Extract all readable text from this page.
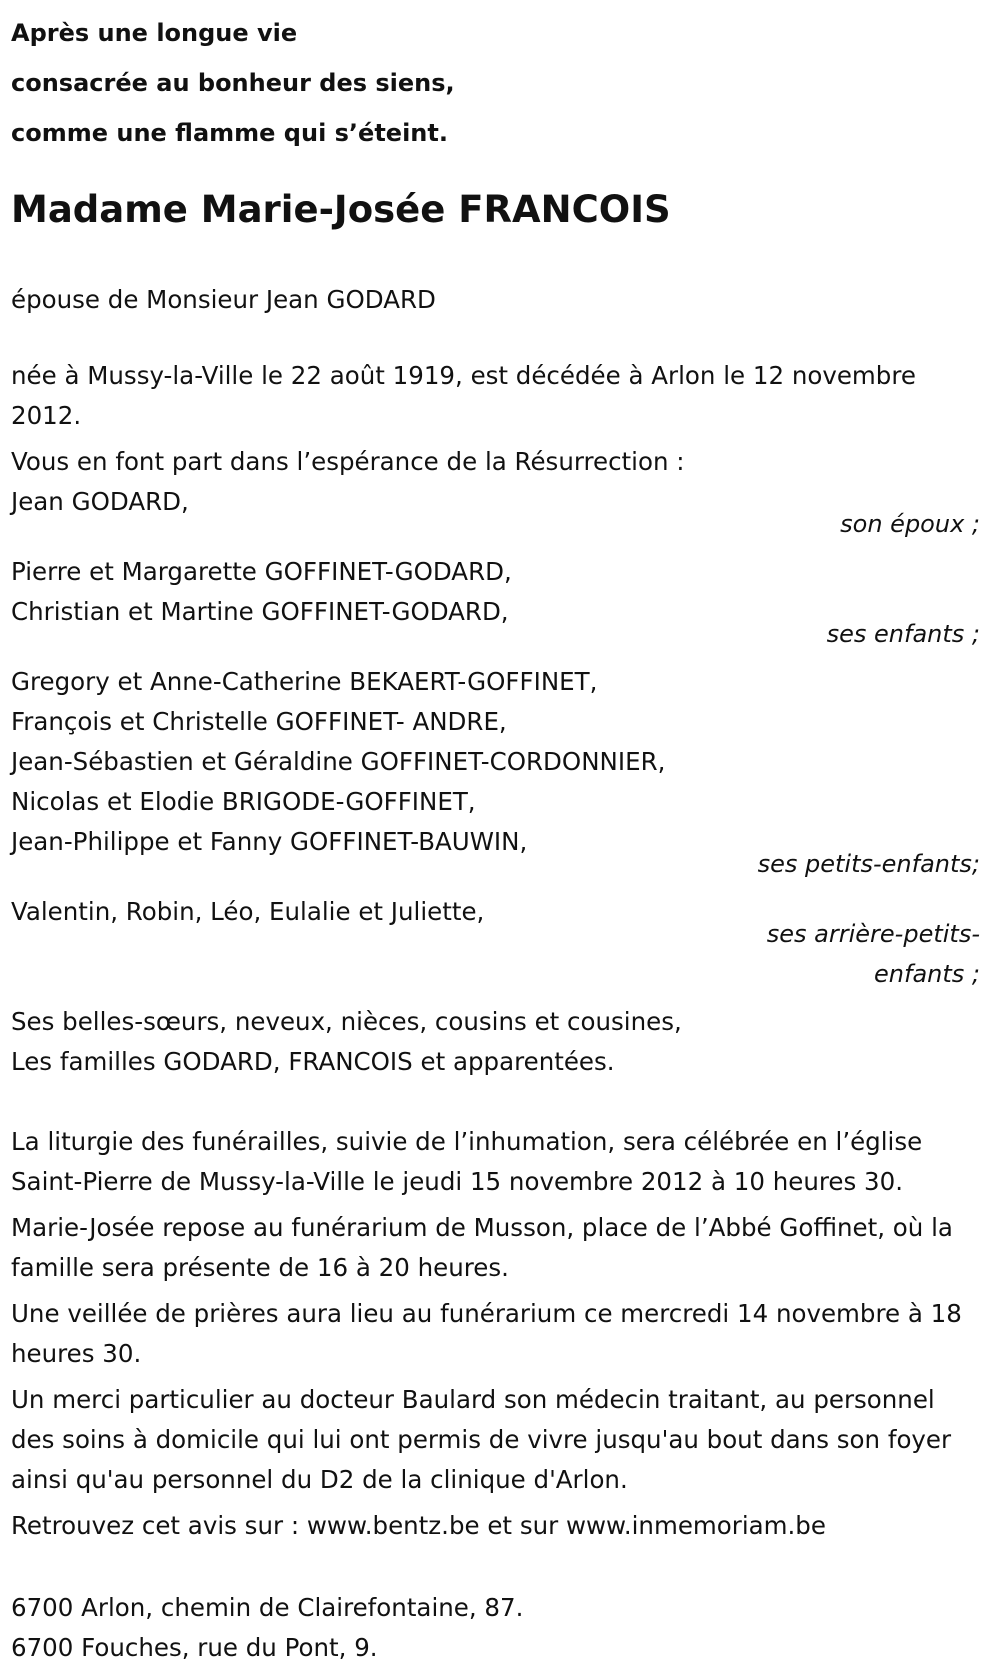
Après une longue vie
consacrée au bonheur des siens,
comme une flamme qui s’éteint.
Madame Marie-Josée FRANCOIS

épouse de Monsieur Jean GODARD

née à Mussy-la-Ville le 22 août 1919, est décédée à Arlon le 12 novembre 2012.

Vous en font part dans l’espérance de la Résurrection :

Jean GODARD,

son époux ;

Pierre et Margarette GOFFINET-GODARD,
Christian et Martine GOFFINET-GODARD,

ses enfants ;

Gregory et Anne-Catherine BEKAERT-GOFFINET,
François et Christelle GOFFINET- ANDRE,
Jean-Sébastien et Géraldine GOFFINET-CORDONNIER,
Nicolas et Elodie BRIGODE-GOFFINET,
Jean-Philippe et Fanny GOFFINET-BAUWIN,

ses petits-enfants;

Valentin, Robin, Léo, Eulalie et Juliette,
ses arrière-petits-
enfants ;
Ses belles-sœurs, neveux, nièces, cousins et cousines,
Les familles GODARD, FRANCOIS et apparentées.

La liturgie des funérailles, suivie de l’inhumation, sera célébrée en l’église Saint-Pierre de Mussy-la-Ville le jeudi 15 novembre 2012 à 10 heures 30.

Marie-Josée repose au funérarium de Musson, place de l’Abbé Goffinet, où la famille sera présente de 16 à 20 heures.

Une veillée de prières aura lieu au funérarium ce mercredi 14 novembre à 18 heures 30.

Un merci particulier au docteur Baulard son médecin traitant, au personnel des soins à domicile qui lui ont permis de vivre jusqu'au bout dans son foyer ainsi qu'au personnel du D2 de la clinique d'Arlon.

Retrouvez cet avis sur : www.bentz.be et sur www.inmemoriam.be

6700 Arlon, chemin de Clairefontaine, 87.
6700 Fouches, rue du Pont, 9.
